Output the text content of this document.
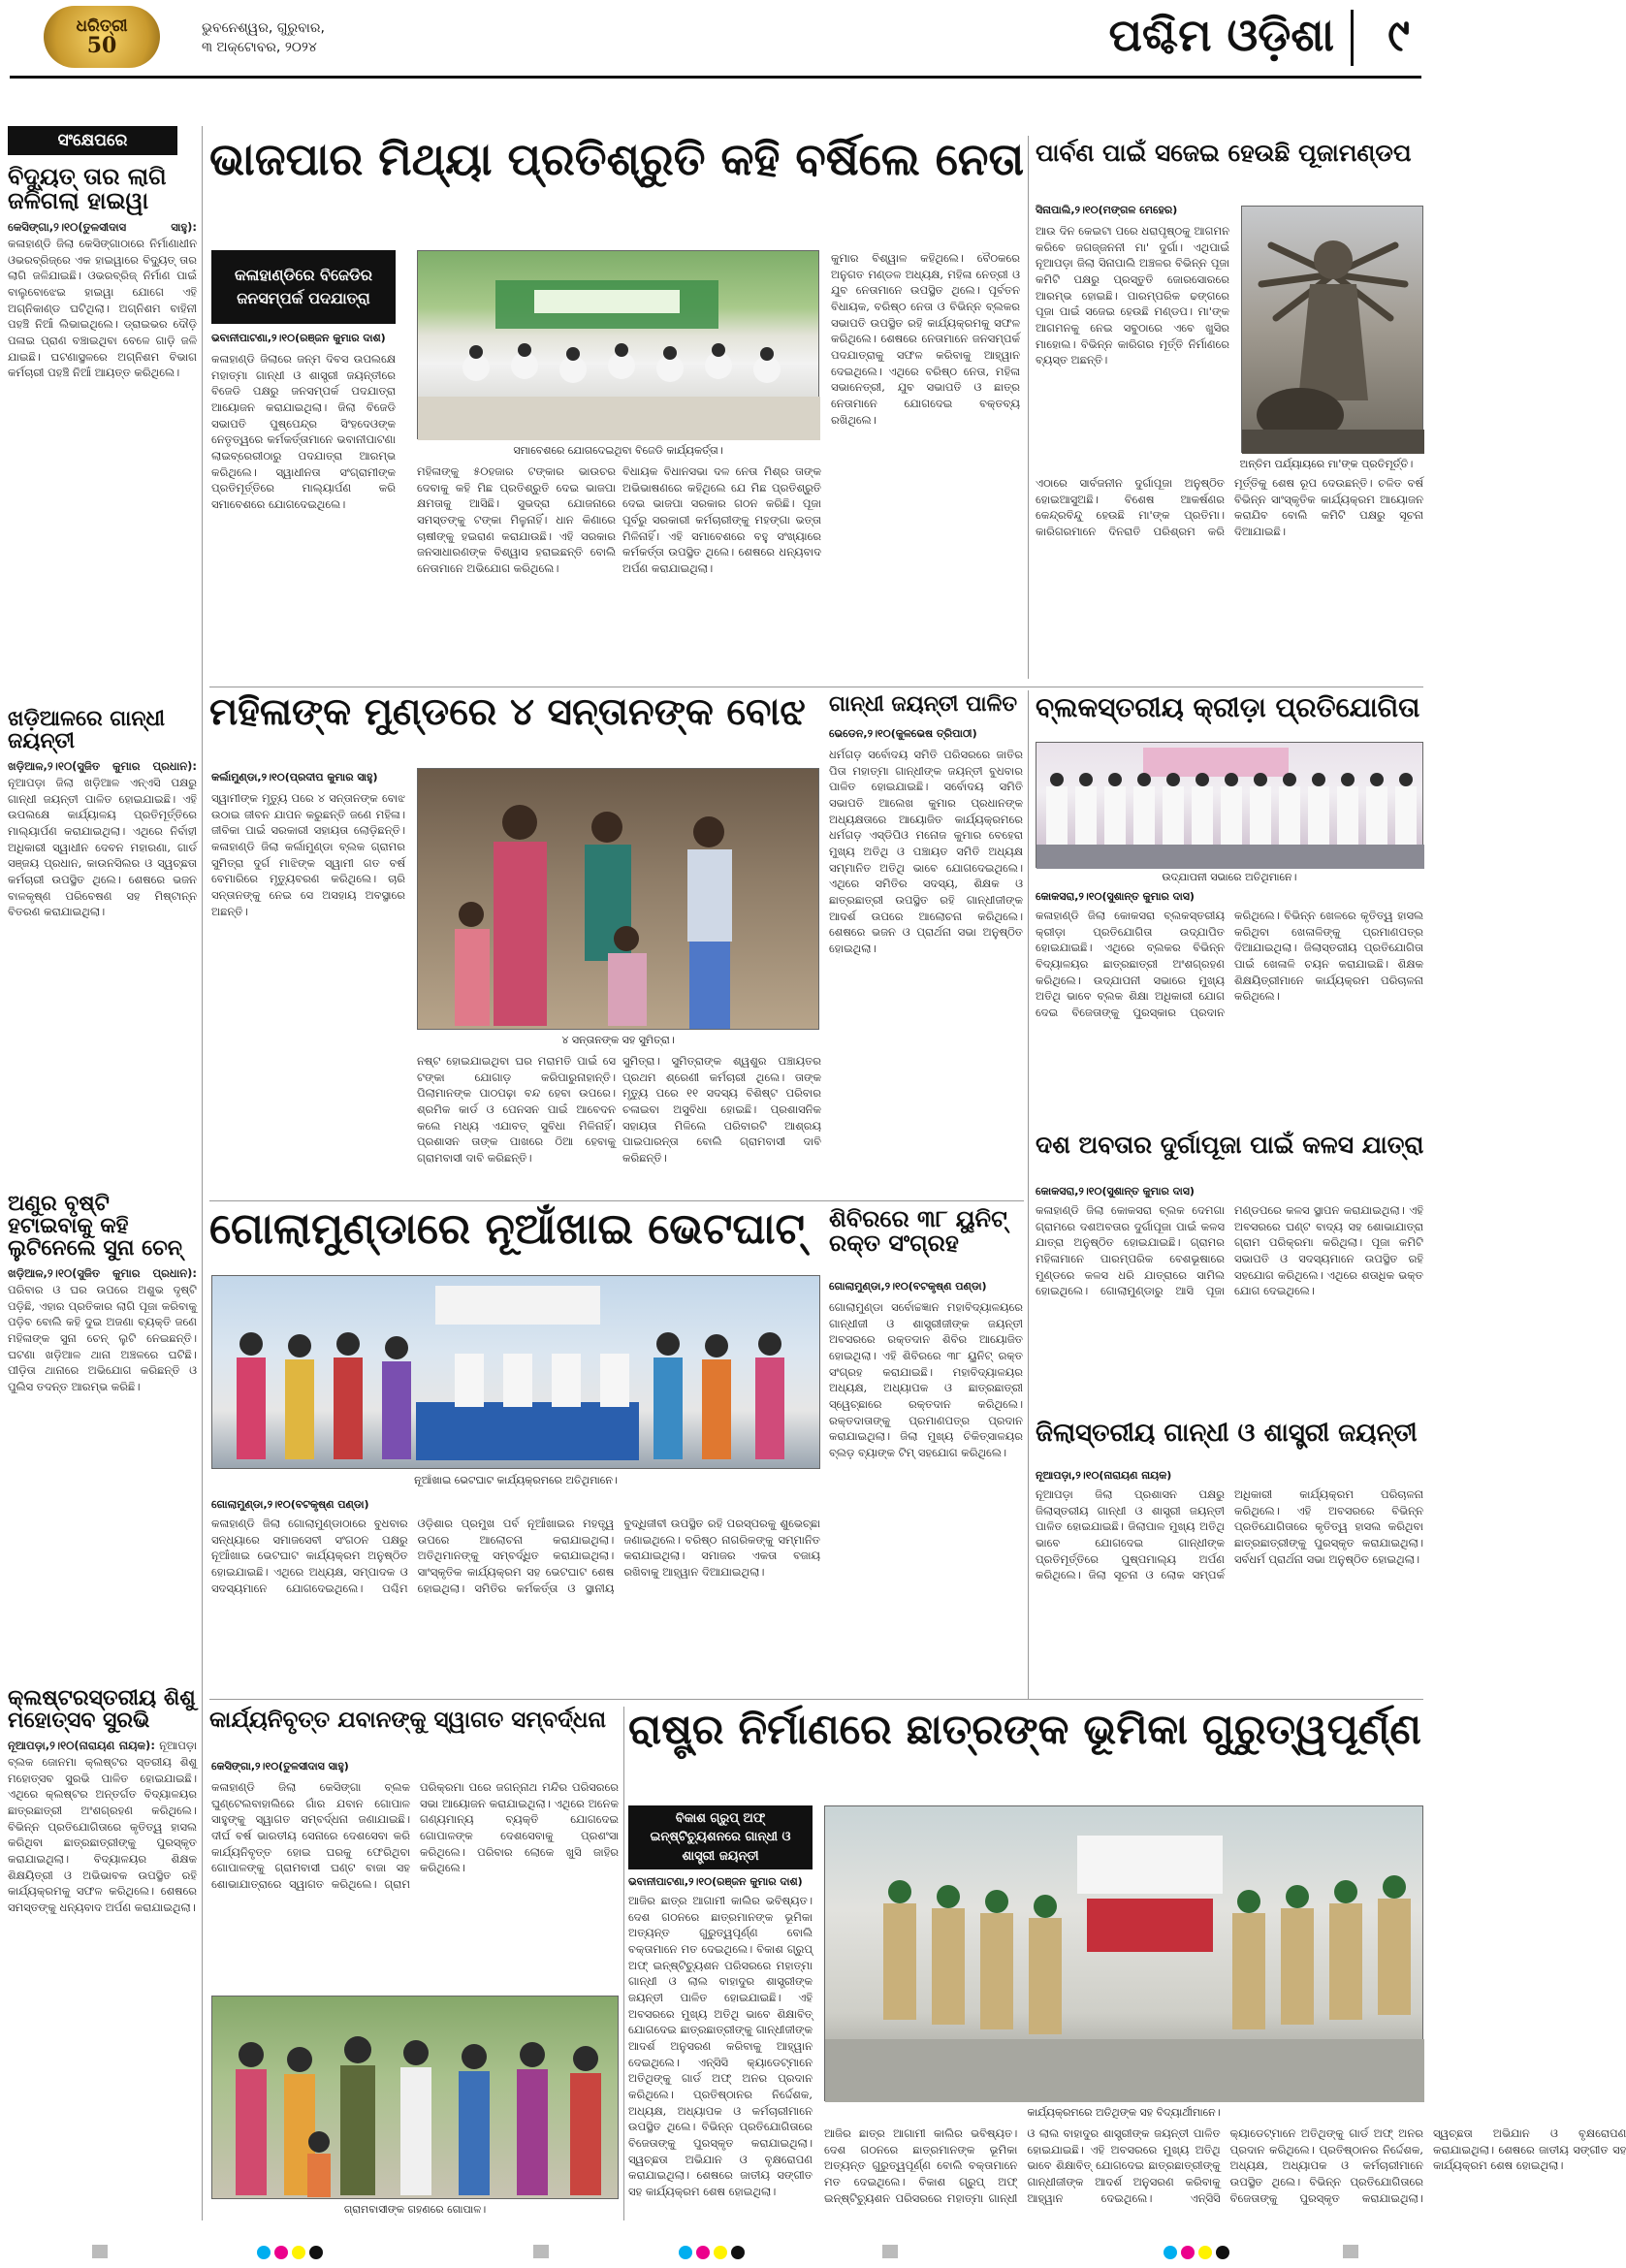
ଧରିତ୍ରୀ
50
ଭୁବନେଶ୍ୱର, ଗୁରୁବାର,
୩ ଅକ୍ଟୋବର, ୨୦୨୪	ପଶ୍ଚିମ ଓଡ଼ିଶା ୯
ସଂକ୍ଷେପରେ
ବିଦ୍ୟୁତ୍ ତାର ଲାଗି ଜଳିଗଲା ହାଇୱା
କେସିଙ୍ଗା,୨।୧୦(ତୁଳସୀଦାସ ସାହୁ): କଳାହାଣ୍ଡି ଜିଲା କେସିଙ୍ଗାଠାରେ ନିର୍ମାଣାଧୀନ ଓଭରବ୍ରିଜ୍‌ରେ ଏକ ହାଇୱାରେ ବିଦ୍ୟୁତ୍ ତାର ଲାଗି ଜଳିଯାଇଛି। ଓଭରବ୍ରିଜ୍ ନିର୍ମାଣ ପାଇଁ ବାଲୁବୋଝେଇ ହାଇୱା ଯୋଗେ ଏହି ଅଗ୍ନିକାଣ୍ଡ ଘଟିଥିଲା। ଅଗ୍ନିଶମ ବାହିନୀ ପହଞ୍ଚି ନିଆଁ ଲିଭାଇଥିଲେ। ଡ୍ରାଇଭର ଦୌଡ଼ି ପଳାଇ ପ୍ରାଣ ବଞ୍ଚାଇଥିବା ବେଳେ ଗାଡ଼ି ଜଳି ଯାଇଛି। ଘଟଣାସ୍ଥଳରେ ଅଗ୍ନିଶମ ବିଭାଗ କର୍ମଚାରୀ ପହଞ୍ଚି ନିଆଁ ଆୟତ୍ତ କରିଥିଲେ।
ଖଡ଼ିଆଳରେ ଗାନ୍ଧୀ ଜୟନ୍ତୀ
ଖଡ଼ିଆଳ,୨।୧୦(ସୁଜିତ କୁମାର ପ୍ରଧାନ): ନୂଆପଡ଼ା ଜିଲା ଖଡ଼ିଆଳ ଏନ୍‌ଏସି ପକ୍ଷରୁ ଗାନ୍ଧୀ ଜୟନ୍ତୀ ପାଳିତ ହୋଇଯାଇଛି। ଏହି ଉପଲକ୍ଷେ କାର୍ଯ୍ୟାଳୟ ପ୍ରତିମୂର୍ତ୍ତିରେ ମାଲ୍ୟାର୍ପଣ କରାଯାଇଥିଲା। ଏଥିରେ ନିର୍ବାହୀ ଅଧିକାରୀ ସ୍ୱାଧୀନ ଦେବନ ମହାରଣା, ଗାର୍ଡ ସଞ୍ଜୟ ପ୍ରଧାନ, କାଉନସିଲର ଓ ସ୍ୱଚ୍ଛତା କର୍ମଚାରୀ ଉପସ୍ଥିତ ଥିଲେ। ଶେଷରେ ଭଜନ ବାଳକୃଷ୍ଣ ପରିବେଷଣ ସହ ମିଷ୍ଟାନ୍ନ ବିତରଣ କରାଯାଇଥିଲା।
ଅଣୁର ବୃଷ୍ଟି ହଟାଇବାକୁ କହି ଲୁଟିନେଲେ ସୁନା ଚେନ୍
ଖଡ଼ିଆଳ,୨।୧୦(ସୁଜିତ କୁମାର ପ୍ରଧାନ): ପରିବାର ଓ ଘର ଉପରେ ଅଶୁଭ ଦୃଷ୍ଟି ପଡ଼ିଛି, ଏହାର ପ୍ରତିକାର ଲାଗି ପୂଜା କରିବାକୁ ପଡ଼ିବ ବୋଲି କହି ଦୁଇ ଅଜଣା ବ୍ୟକ୍ତି ଜଣେ ମହିଳାଙ୍କ ସୁନା ଚେନ୍ ଲୁଟି ନେଇଛନ୍ତି। ଘଟଣା ଖଡ଼ିଆଳ ଥାନା ଅଞ୍ଚଳରେ ଘଟିଛି। ପୀଡ଼ିତା ଥାନାରେ ଅଭିଯୋଗ କରିଛନ୍ତି ଓ ପୁଲିସ ତଦନ୍ତ ଆରମ୍ଭ କରିଛି।
କ୍ଲଷ୍ଟରସ୍ତରୀୟ ଶିଶୁ ମହୋତ୍ସବ ସୁରଭି
ନୂଆପଡ଼ା,୨।୧୦(ନାରାୟଣ ନାୟକ): ନୂଆପଡ଼ା ବ୍ଲକ ଜୋନମା କ୍ଲଷ୍ଟର ସ୍ତରୀୟ ଶିଶୁ ମହୋତ୍ସବ ସୁରଭି ପାଳିତ ହୋଇଯାଇଛି। ଏଥିରେ କ୍ଲଷ୍ଟର ଅନ୍ତର୍ଗତ ବିଦ୍ୟାଳୟର ଛାତ୍ରଛାତ୍ରୀ ଅଂଶଗ୍ରହଣ କରିଥିଲେ। ବିଭିନ୍ନ ପ୍ରତିଯୋଗିତାରେ କୃତିତ୍ୱ ହାସଲ କରିଥିବା ଛାତ୍ରଛାତ୍ରୀଙ୍କୁ ପୁରସ୍କୃତ କରାଯାଇଥିଲା। ବିଦ୍ୟାଳୟର ଶିକ୍ଷକ ଶିକ୍ଷୟିତ୍ରୀ ଓ ଅଭିଭାବକ ଉପସ୍ଥିତ ରହି କାର୍ଯ୍ୟକ୍ରମକୁ ସଫଳ କରିଥିଲେ। ଶେଷରେ ସମସ୍ତଙ୍କୁ ଧନ୍ୟବାଦ ଅର୍ପଣ କରାଯାଇଥିଲା।
ଭାଜପାର ମିଥ୍ୟା ପ୍ରତିଶ୍ରୁତି କହି ବର୍ଷିଲେ ନେତା
କଳାହାଣ୍ଡିରେ ବିଜେଡିର ଜନସମ୍ପର୍କ ପଦଯାତ୍ରା
ଭବାନୀପାଟଣା,୨।୧୦(ରଞ୍ଜନ କୁମାର ଦାଶ)
କଳାହାଣ୍ଡି ଜିଲାରେ ଜନ୍ମ ଦିବସ ଉପଲକ୍ଷେ ମହାତ୍ମା ଗାନ୍ଧୀ ଓ ଶାସ୍ତ୍ରୀ ଜୟନ୍ତୀରେ ବିଜେଡି ପକ୍ଷରୁ ଜନସମ୍ପର୍କ ପଦଯାତ୍ରା ଆୟୋଜନ କରାଯାଇଥିଲା। ଜିଲା ବିଜେଡି ସଭାପତି ପୁଷ୍ପେନ୍ଦ୍ର ସିଂହଦେଓଙ୍କ ନେତୃତ୍ୱରେ କର୍ମକର୍ତ୍ତାମାନେ ଭବାନୀପାଟଣା ଲାଇବ୍ରେରୀଠାରୁ ପଦଯାତ୍ରା ଆରମ୍ଭ କରିଥିଲେ। ସ୍ୱାଧୀନତା ସଂଗ୍ରାମୀଙ୍କ ପ୍ରତିମୂର୍ତ୍ତିରେ ମାଲ୍ୟାର୍ପଣ କରି ସମାବେଶରେ ଯୋଗଦେଇଥିଲେ।
ସମାବେଶରେ ଯୋଗଦେଇଥିବା ବିଜେଡି କାର୍ଯ୍ୟକର୍ତ୍ତା।
ମହିଳାଙ୍କୁ ୫୦ହଜାର ଟଙ୍କାର ଭାଉଚର ଦେବାକୁ କହି ମିଛ ପ୍ରତିଶ୍ରୁତି ଦେଇ ଭାଜପା କ୍ଷମତାକୁ ଆସିଛି। ସୁଭଦ୍ରା ଯୋଜନାରେ ସମସ୍ତଙ୍କୁ ଟଙ୍କା ମିଳୁନାହିଁ। ଧାନ କିଣାରେ ଚାଷୀଙ୍କୁ ହଇରାଣ କରାଯାଉଛି। ଏହି ସରକାର ଜନସାଧାରଣଙ୍କ ବିଶ୍ୱାସ ହରାଇଛନ୍ତି ବୋଲି ନେତାମାନେ ଅଭିଯୋଗ କରିଥିଲେ।
ବିଧାୟକ ବିଧାନସଭା ଦଳ ନେତା ମିଶ୍ର ତାଙ୍କ ଅଭିଭାଷଣରେ କହିଥିଲେ ଯେ ମିଛ ପ୍ରତିଶ୍ରୁତି ଦେଇ ଭାଜପା ସରକାର ଗଠନ କରିଛି। ପୂଜା ପୂର୍ବରୁ ସରକାରୀ କର୍ମଚାରୀଙ୍କୁ ମହଙ୍ଗା ଭତ୍ତା ମିଳିନାହିଁ। ଏହି ସମାବେଶରେ ବହୁ ସଂଖ୍ୟାରେ କର୍ମକର୍ତ୍ତା ଉପସ୍ଥିତ ଥିଲେ। ଶେଷରେ ଧନ୍ୟବାଦ ଅର୍ପଣ କରାଯାଇଥିଲା।
କୁମାର ବିଶ୍ୱାଳ କହିଥିଲେ। ବୈଠକରେ ଅନୁଗତ ମଣ୍ଡଳ ଅଧ୍ୟକ୍ଷ, ମହିଳା ନେତ୍ରୀ ଓ ଯୁବ ନେତାମାନେ ଉପସ୍ଥିତ ଥିଲେ। ପୂର୍ବତନ ବିଧାୟକ, ବରିଷ୍ଠ ନେତା ଓ ବିଭିନ୍ନ ବ୍ଲକର ସଭାପତି ଉପସ୍ଥିତ ରହି କାର୍ଯ୍ୟକ୍ରମକୁ ସଫଳ କରିଥିଲେ। ଶେଷରେ ନେତାମାନେ ଜନସମ୍ପର୍କ ପଦଯାତ୍ରାକୁ ସଫଳ କରିବାକୁ ଆହ୍ୱାନ ଦେଇଥିଲେ। ଏଥିରେ ବରିଷ୍ଠ ନେତା, ମହିଳା ସଭାନେତ୍ରୀ, ଯୁବ ସଭାପତି ଓ ଛାତ୍ର ନେତାମାନେ ଯୋଗଦେଇ ବକ୍ତବ୍ୟ ରଖିଥିଲେ।
ପାର୍ବଣ ପାଇଁ ସଜେଇ ହେଉଛି ପୂଜାମଣ୍ଡପ
ସିନାପାଲି,୨।୧୦(ମଙ୍ଗଳ ମେହେର)
ଆଉ ଦିନ କେଇଟା ପରେ ଧରାପୃଷ୍ଠକୁ ଆଗମନ କରିବେ ଜଗଜ୍ଜନନୀ ମା' ଦୁର୍ଗା। ଏଥିପାଇଁ ନୂଆପଡ଼ା ଜିଲା ସିନାପାଲି ଅଞ୍ଚଳର ବିଭିନ୍ନ ପୂଜା କମିଟି ପକ୍ଷରୁ ପ୍ରସ୍ତୁତି ଜୋରସୋରରେ ଆରମ୍ଭ ହୋଇଛି। ପାରମ୍ପରିକ ଢଙ୍ଗରେ ପୂଜା ପାଇଁ ସଜେଇ ହେଉଛି ମଣ୍ଡପ। ମା'ଙ୍କ ଆଗମନକୁ ନେଇ ସବୁଠାରେ ଏବେ ଖୁସିର ମାହୋଲ। ବିଭିନ୍ନ କାରିଗର ମୂର୍ତ୍ତି ନିର୍ମାଣରେ ବ୍ୟସ୍ତ ଅଛନ୍ତି।
ଅନ୍ତିମ ପର୍ଯ୍ୟାୟରେ ମା'ଙ୍କ ପ୍ରତିମୂର୍ତ୍ତି।
ଏଠାରେ ସାର୍ବଜନୀନ ଦୁର୍ଗାପୂଜା ଅନୁଷ୍ଠିତ ହୋଇଆସୁଅଛି। ବିଶେଷ ଆକର୍ଷଣର କେନ୍ଦ୍ରବିନ୍ଦୁ ହେଉଛି ମା'ଙ୍କ ପ୍ରତିମା। କାରିଗରମାନେ ଦିନରାତି ପରିଶ୍ରମ କରି ମୂର୍ତ୍ତିକୁ ଶେଷ ରୂପ ଦେଉଛନ୍ତି। ଚଳିତ ବର୍ଷ ବିଭିନ୍ନ ସାଂସ୍କୃତିକ କାର୍ଯ୍ୟକ୍ରମ ଆୟୋଜନ କରାଯିବ ବୋଲି କମିଟି ପକ୍ଷରୁ ସୂଚନା ଦିଆଯାଇଛି।
ମହିଳାଙ୍କ ମୁଣ୍ଡରେ ୪ ସନ୍ତାନଙ୍କ ବୋଝ
କର୍ଲାମୁଣ୍ଡା,୨।୧୦(ପ୍ରଦୀପ କୁମାର ସାହୁ)
ସ୍ୱାମୀଙ୍କ ମୃତ୍ୟୁ ପରେ ୪ ସନ୍ତାନଙ୍କ ବୋଝ ଉଠାଇ ଜୀବନ ଯାପନ କରୁଛନ୍ତି ଜଣେ ମହିଳା। ଜୀବିକା ପାଇଁ ସରକାରୀ ସହାୟତା ଲୋଡ଼ିଛନ୍ତି। କଳାହାଣ୍ଡି ଜିଲା କର୍ଲାମୁଣ୍ଡା ବ୍ଲକ ଗ୍ରାମର ସୁମିତ୍ରା ଦୁର୍ଗ ମାଝିଙ୍କ ସ୍ୱାମୀ ଗତ ବର୍ଷ ବେମାରିରେ ମୃତ୍ୟୁବରଣ କରିଥିଲେ। ଚାରି ସନ୍ତାନଙ୍କୁ ନେଇ ସେ ଅସହାୟ ଅବସ୍ଥାରେ ଅଛନ୍ତି।
୪ ସନ୍ତାନଙ୍କ ସହ ସୁମିତ୍ରା।
ନଷ୍ଟ ହୋଇଯାଇଥିବା ଘର ମରାମତି ପାଇଁ ସେ ଟଙ୍କା ଯୋଗାଡ଼ କରିପାରୁନାହାନ୍ତି। ପିଲାମାନଙ୍କ ପାଠପଢ଼ା ବନ୍ଦ ହେବା ଉପରେ। ଶ୍ରମିକ କାର୍ଡ ଓ ପେନସନ ପାଇଁ ଆବେଦନ କଲେ ମଧ୍ୟ ଏଯାବତ୍ ସୁବିଧା ମିଳିନାହିଁ। ପ୍ରଶାସନ ତାଙ୍କ ପାଖରେ ଠିଆ ହେବାକୁ ଗ୍ରାମବାସୀ ଦାବି କରିଛନ୍ତି।
ସୁମିତ୍ରା। ସୁମିତ୍ରାଙ୍କ ଶ୍ୱଶୁର ପଞ୍ଚାୟତର ପ୍ରଥମ ଶ୍ରେଣୀ କର୍ମଚାରୀ ଥିଲେ। ତାଙ୍କ ମୃତ୍ୟୁ ପରେ ୧୧ ସଦସ୍ୟ ବିଶିଷ୍ଟ ପରିବାର ଚଳାଇବା ଅସୁବିଧା ହୋଇଛି। ପ୍ରଶାସନିକ ସହାୟତା ମିଳିଲେ ପରିବାରଟି ଆଶ୍ରୟ ପାଇପାରନ୍ତା ବୋଲି ଗ୍ରାମବାସୀ ଦାବି କରିଛନ୍ତି।
ଗାନ୍ଧୀ ଜୟନ୍ତୀ ପାଳିତ
ଭେଡେନ,୨।୧୦(କୁଳଭେଷ ତ୍ରିପାଠୀ)
ଧର୍ମଗଡ଼ ସର୍ବୋଦୟ ସମିତି ପରିସରରେ ଜାତିର ପିତା ମହାତ୍ମା ଗାନ୍ଧୀଙ୍କ ଜୟନ୍ତୀ ବୁଧବାର ପାଳିତ ହୋଇଯାଇଛି। ସର୍ବୋଦୟ ସମିତି ସଭାପତି ଆଲେଖ କୁମାର ପ୍ରଧାନଙ୍କ ଅଧ୍ୟକ୍ଷତାରେ ଆୟୋଜିତ କାର୍ଯ୍ୟକ୍ରମରେ ଧର୍ମଗଡ଼ ଏସ୍‌ଡିପିଓ ମନୋଜ କୁମାର ବେହେରା ମୁଖ୍ୟ ଅତିଥି ଓ ପଞ୍ଚାୟତ ସମିତି ଅଧ୍ୟକ୍ଷ ସମ୍ମାନିତ ଅତିଥି ଭାବେ ଯୋଗଦେଇଥିଲେ। ଏଥିରେ ସମିତିର ସଦସ୍ୟ, ଶିକ୍ଷକ ଓ ଛାତ୍ରଛାତ୍ରୀ ଉପସ୍ଥିତ ରହି ଗାନ୍ଧୀଜୀଙ୍କ ଆଦର୍ଶ ଉପରେ ଆଲୋଚନା କରିଥିଲେ। ଶେଷରେ ଭଜନ ଓ ପ୍ରାର୍ଥନା ସଭା ଅନୁଷ୍ଠିତ ହୋଇଥିଲା।
ବ୍ଲକସ୍ତରୀୟ କ୍ରୀଡ଼ା ପ୍ରତିଯୋଗିତା
ଉଦ୍‌ଯାପନୀ ସଭାରେ ଅତିଥିମାନେ।
କୋକସରା,୨।୧୦(ସୁଶାନ୍ତ କୁମାର ଦାସ)
କଳାହାଣ୍ଡି ଜିଲା କୋକସରା ବ୍ଲକସ୍ତରୀୟ କ୍ରୀଡ଼ା ପ୍ରତିଯୋଗିତା ଉଦ୍‌ଯାପିତ ହୋଇଯାଇଛି। ଏଥିରେ ବ୍ଲକର ବିଭିନ୍ନ ବିଦ୍ୟାଳୟର ଛାତ୍ରଛାତ୍ରୀ ଅଂଶଗ୍ରହଣ କରିଥିଲେ। ଉଦ୍‌ଯାପନୀ ସଭାରେ ମୁଖ୍ୟ ଅତିଥି ଭାବେ ବ୍ଲକ ଶିକ୍ଷା ଅଧିକାରୀ ଯୋଗ ଦେଇ ବିଜେତାଙ୍କୁ ପୁରସ୍କାର ପ୍ରଦାନ କରିଥିଲେ। ବିଭିନ୍ନ ଖେଳରେ କୃତିତ୍ୱ ହାସଲ କରିଥିବା ଖେଳାଳିଙ୍କୁ ପ୍ରମାଣପତ୍ର ଦିଆଯାଇଥିଲା। ଜିଲାସ୍ତରୀୟ ପ୍ରତିଯୋଗିତା ପାଇଁ ଖେଳାଳି ଚୟନ କରାଯାଇଛି। ଶିକ୍ଷକ ଶିକ୍ଷୟିତ୍ରୀମାନେ କାର୍ଯ୍ୟକ୍ରମ ପରିଚାଳନା କରିଥିଲେ।
ଦଶ ଅବତାର ଦୁର୍ଗାପୂଜା ପାଇଁ କଳସ ଯାତ୍ରା
କୋକସରା,୨।୧୦(ସୁଶାନ୍ତ କୁମାର ଦାସ)
କଳାହାଣ୍ଡି ଜିଲା କୋକସରା ବ୍ଲକ ଦେମଗା ଗ୍ରାମରେ ଦଶଅବତାର ଦୁର୍ଗାପୂଜା ପାଇଁ କଳସ ଯାତ୍ରା ଅନୁଷ୍ଠିତ ହୋଇଯାଇଛି। ଗ୍ରାମର ମହିଳାମାନେ ପାରମ୍ପରିକ ବେଶଭୂଷାରେ ମୁଣ୍ଡରେ କଳସ ଧରି ଯାତ୍ରାରେ ସାମିଲ ହୋଇଥିଲେ। ଗୋଲାମୁଣ୍ଡାରୁ ଆସି ପୂଜା ମଣ୍ଡପରେ କଳସ ସ୍ଥାପନ କରାଯାଇଥିଲା। ଏହି ଅବସରରେ ଘଣ୍ଟ ବାଦ୍ୟ ସହ ଶୋଭାଯାତ୍ରା ଗ୍ରାମ ପରିକ୍ରମା କରିଥିଲା। ପୂଜା କମିଟି ସଭାପତି ଓ ସଦସ୍ୟମାନେ ଉପସ୍ଥିତ ରହି ସହଯୋଗ କରିଥିଲେ। ଏଥିରେ ଶତାଧିକ ଭକ୍ତ ଯୋଗ ଦେଇଥିଲେ।
ଗୋଲାମୁଣ୍ଡାରେ ନୂଆଁଖାଇ ଭେଟଘାଟ୍
ନୂଆଁଖାଇ ଭେଟଘାଟ କାର୍ଯ୍ୟକ୍ରମରେ ଅତିଥିମାନେ।
ଗୋଲାମୁଣ୍ଡା,୨।୧୦(ବଟକୃଷ୍ଣ ପଣ୍ଡା)
କଳାହାଣ୍ଡି ଜିଲା ଗୋଲାମୁଣ୍ଡାଠାରେ ବୁଧବାର ସନ୍ଧ୍ୟାରେ ସମାଜସେବୀ ସଂଗଠନ ପକ୍ଷରୁ ନୂଆଁଖାଇ ଭେଟଘାଟ କାର୍ଯ୍ୟକ୍ରମ ଅନୁଷ୍ଠିତ ହୋଇଯାଇଛି। ଏଥିରେ ଅଧ୍ୟକ୍ଷ, ସମ୍ପାଦକ ଓ ସଦସ୍ୟମାନେ ଯୋଗଦେଇଥିଲେ। ପଶ୍ଚିମ ଓଡ଼ିଶାର ପ୍ରମୁଖ ପର୍ବ ନୂଆଁଖାଇର ମହତ୍ତ୍ୱ ଉପରେ ଆଲୋଚନା କରାଯାଇଥିଲା। ଅତିଥିମାନଙ୍କୁ ସମ୍ବର୍ଦ୍ଧିତ କରାଯାଇଥିଲା। ସାଂସ୍କୃତିକ କାର୍ଯ୍ୟକ୍ରମ ସହ ଭେଟଘାଟ ଶେଷ ହୋଇଥିଲା। ସମିତିର କର୍ମକର୍ତ୍ତା ଓ ସ୍ଥାନୀୟ ବୁଦ୍ଧିଜୀବୀ ଉପସ୍ଥିତ ରହି ପରସ୍ପରକୁ ଶୁଭେଚ୍ଛା ଜଣାଇଥିଲେ। ବରିଷ୍ଠ ନାଗରିକଙ୍କୁ ସମ୍ମାନିତ କରାଯାଇଥିଲା। ସମାଜର ଏକତା ବଜାୟ ରଖିବାକୁ ଆହ୍ୱାନ ଦିଆଯାଇଥିଲା।
ଶିବିରରେ ୩୮ ୟୁନିଟ୍ ରକ୍ତ ସଂଗ୍ରହ
ଗୋଲାମୁଣ୍ଡା,୨।୧୦(ବଟକୃଷ୍ଣ ପଣ୍ଡା)
ଗୋଲାମୁଣ୍ଡା ସର୍ବୋଚ୍ଚଜ୍ଞାନ ମହାବିଦ୍ୟାଳୟରେ ଗାନ୍ଧୀଜୀ ଓ ଶାସ୍ତ୍ରୀଜୀଙ୍କ ଜୟନ୍ତୀ ଅବସରରେ ରକ୍ତଦାନ ଶିବିର ଆୟୋଜିତ ହୋଇଥିଲା। ଏହି ଶିବିରରେ ୩୮ ୟୁନିଟ୍ ରକ୍ତ ସଂଗ୍ରହ କରାଯାଇଛି। ମହାବିଦ୍ୟାଳୟର ଅଧ୍ୟକ୍ଷ, ଅଧ୍ୟାପକ ଓ ଛାତ୍ରଛାତ୍ରୀ ସ୍ୱେଚ୍ଛାରେ ରକ୍ତଦାନ କରିଥିଲେ। ରକ୍ତଦାତାଙ୍କୁ ପ୍ରମାଣପତ୍ର ପ୍ରଦାନ କରାଯାଇଥିଲା। ଜିଲା ମୁଖ୍ୟ ଚିକିତ୍ସାଳୟର ବ୍ଲଡ଼ ବ୍ୟାଙ୍କ ଟିମ୍ ସହଯୋଗ କରିଥିଲେ।
ଜିଲାସ୍ତରୀୟ ଗାନ୍ଧୀ ଓ ଶାସ୍ତ୍ରୀ ଜୟନ୍ତୀ
ନୂଆପଡ଼ା,୨।୧୦(ନାରାୟଣ ନାୟକ)
ନୂଆପଡ଼ା ଜିଲା ପ୍ରଶାସନ ପକ୍ଷରୁ ଜିଲାସ୍ତରୀୟ ଗାନ୍ଧୀ ଓ ଶାସ୍ତ୍ରୀ ଜୟନ୍ତୀ ପାଳିତ ହୋଇଯାଇଛି। ଜିଲାପାଳ ମୁଖ୍ୟ ଅତିଥି ଭାବେ ଯୋଗଦେଇ ଗାନ୍ଧୀଙ୍କ ପ୍ରତିମୂର୍ତ୍ତିରେ ପୁଷ୍ପମାଲ୍ୟ ଅର୍ପଣ କରିଥିଲେ। ଜିଲା ସୂଚନା ଓ ଲୋକ ସମ୍ପର୍କ ଅଧିକାରୀ କାର୍ଯ୍ୟକ୍ରମ ପରିଚାଳନା କରିଥିଲେ। ଏହି ଅବସରରେ ବିଭିନ୍ନ ପ୍ରତିଯୋଗିତାରେ କୃତିତ୍ୱ ହାସଲ କରିଥିବା ଛାତ୍ରଛାତ୍ରୀଙ୍କୁ ପୁରସ୍କୃତ କରାଯାଇଥିଲା। ସର୍ବଧର୍ମ ପ୍ରାର୍ଥନା ସଭା ଅନୁଷ୍ଠିତ ହୋଇଥିଲା।
କାର୍ଯ୍ୟନିବୃତ୍ତ ଯବାନଙ୍କୁ ସ୍ୱାଗତ ସମ୍ବର୍ଦ୍ଧନା
କେସିଙ୍ଗା,୨।୧୦(ତୁଳସୀଦାସ ସାହୁ)
କଳାହାଣ୍ଡି ଜିଲା କେସିଙ୍ଗା ବ୍ଲକ ଘୁଣ୍ଟେଲବାହାଲିରେ ଗାଁର ଯବାନ ଗୋପାଳ ସାହୁଙ୍କୁ ସ୍ୱାଗତ ସମ୍ବର୍ଦ୍ଧନା ଜଣାଯାଇଛି। ଦୀର୍ଘ ବର୍ଷ ଭାରତୀୟ ସେନାରେ ଦେଶସେବା କରି କାର୍ଯ୍ୟନିବୃତ୍ତ ହୋଇ ଘରକୁ ଫେରିଥିବା ଗୋପାଳଙ୍କୁ ଗ୍ରାମବାସୀ ଘଣ୍ଟ ବାଜା ସହ ଶୋଭାଯାତ୍ରାରେ ସ୍ୱାଗତ କରିଥିଲେ। ଗ୍ରାମ ପରିକ୍ରମା ପରେ ଜଗନ୍ନାଥ ମନ୍ଦିର ପରିସରରେ ସଭା ଆୟୋଜନ କରାଯାଇଥିଲା। ଏଥିରେ ଅନେକ ଗଣ୍ୟମାନ୍ୟ ବ୍ୟକ୍ତି ଯୋଗଦେଇ ଗୋପାଳଙ୍କ ଦେଶସେବାକୁ ପ୍ରଶଂସା କରିଥିଲେ। ପରିବାର ଲୋକେ ଖୁସି ଜାହିର କରିଥିଲେ।
ଗ୍ରାମବାସୀଙ୍କ ଗହଣରେ ଗୋପାଳ।
ରାଷ୍ଟ୍ର ନିର୍ମାଣରେ ଛାତ୍ରଙ୍କ ଭୂମିକା ଗୁରୁତ୍ୱପୂର୍ଣ୍ଣ
ବିକାଶ ଗ୍ରୁପ୍ ଅଫ୍ ଇନ୍‌ଷ୍ଟିଚ୍ୟୁଶନରେ ଗାନ୍ଧୀ ଓ ଶାସ୍ତ୍ରୀ ଜୟନ୍ତୀ
ଭବାନୀପାଟଣା,୨।୧୦(ରଞ୍ଜନ କୁମାର ଦାଶ)
ଆଜିର ଛାତ୍ର ଆଗାମୀ କାଲିର ଭବିଷ୍ୟତ। ଦେଶ ଗଠନରେ ଛାତ୍ରମାନଙ୍କ ଭୂମିକା ଅତ୍ୟନ୍ତ ଗୁରୁତ୍ୱପୂର୍ଣ୍ଣ ବୋଲି ବକ୍ତାମାନେ ମତ ଦେଇଥିଲେ। ବିକାଶ ଗ୍ରୁପ୍ ଅଫ୍ ଇନ୍‌ଷ୍ଟିଚ୍ୟୁଶନ ପରିସରରେ ମହାତ୍ମା ଗାନ୍ଧୀ ଓ ଲାଲ ବାହାଦୁର ଶାସ୍ତ୍ରୀଙ୍କ ଜୟନ୍ତୀ ପାଳିତ ହୋଇଯାଇଛି। ଏହି ଅବସରରେ ମୁଖ୍ୟ ଅତିଥି ଭାବେ ଶିକ୍ଷାବିତ୍ ଯୋଗଦେଇ ଛାତ୍ରଛାତ୍ରୀଙ୍କୁ ଗାନ୍ଧୀଜୀଙ୍କ ଆଦର୍ଶ ଅନୁସରଣ କରିବାକୁ ଆହ୍ୱାନ ଦେଇଥିଲେ। ଏନ୍‌ସିସି କ୍ୟାଡେଟ୍‌ମାନେ ଅତିଥିଙ୍କୁ ଗାର୍ଡ ଅଫ୍ ଅନର ପ୍ରଦାନ କରିଥିଲେ। ପ୍ରତିଷ୍ଠାନର ନିର୍ଦ୍ଦେଶକ, ଅଧ୍ୟକ୍ଷ, ଅଧ୍ୟାପକ ଓ କର୍ମଚାରୀମାନେ ଉପସ୍ଥିତ ଥିଲେ। ବିଭିନ୍ନ ପ୍ରତିଯୋଗିତାରେ ବିଜେତାଙ୍କୁ ପୁରସ୍କୃତ କରାଯାଇଥିଲା। ସ୍ୱଚ୍ଛତା ଅଭିଯାନ ଓ ବୃକ୍ଷରୋପଣ କରାଯାଇଥିଲା। ଶେଷରେ ଜାତୀୟ ସଙ୍ଗୀତ ସହ କାର୍ଯ୍ୟକ୍ରମ ଶେଷ ହୋଇଥିଲା।
କାର୍ଯ୍ୟକ୍ରମରେ ଅତିଥିଙ୍କ ସହ ବିଦ୍ୟାର୍ଥୀମାନେ।
ଆଜିର ଛାତ୍ର ଆଗାମୀ କାଲିର ଭବିଷ୍ୟତ। ଦେଶ ଗଠନରେ ଛାତ୍ରମାନଙ୍କ ଭୂମିକା ଅତ୍ୟନ୍ତ ଗୁରୁତ୍ୱପୂର୍ଣ୍ଣ ବୋଲି ବକ୍ତାମାନେ ମତ ଦେଇଥିଲେ। ବିକାଶ ଗ୍ରୁପ୍ ଅଫ୍ ଇନ୍‌ଷ୍ଟିଚ୍ୟୁଶନ ପରିସରରେ ମହାତ୍ମା ଗାନ୍ଧୀ ଓ ଲାଲ ବାହାଦୁର ଶାସ୍ତ୍ରୀଙ୍କ ଜୟନ୍ତୀ ପାଳିତ ହୋଇଯାଇଛି। ଏହି ଅବସରରେ ମୁଖ୍ୟ ଅତିଥି ଭାବେ ଶିକ୍ଷାବିତ୍ ଯୋଗଦେଇ ଛାତ୍ରଛାତ୍ରୀଙ୍କୁ ଗାନ୍ଧୀଜୀଙ୍କ ଆଦର୍ଶ ଅନୁସରଣ କରିବାକୁ ଆହ୍ୱାନ ଦେଇଥିଲେ। ଏନ୍‌ସିସି କ୍ୟାଡେଟ୍‌ମାନେ ଅତିଥିଙ୍କୁ ଗାର୍ଡ ଅଫ୍ ଅନର ପ୍ରଦାନ କରିଥିଲେ। ପ୍ରତିଷ୍ଠାନର ନିର୍ଦ୍ଦେଶକ, ଅଧ୍ୟକ୍ଷ, ଅଧ୍ୟାପକ ଓ କର୍ମଚାରୀମାନେ ଉପସ୍ଥିତ ଥିଲେ। ବିଭିନ୍ନ ପ୍ରତିଯୋଗିତାରେ ବିଜେତାଙ୍କୁ ପୁରସ୍କୃତ କରାଯାଇଥିଲା। ସ୍ୱଚ୍ଛତା ଅଭିଯାନ ଓ ବୃକ୍ଷରୋପଣ କରାଯାଇଥିଲା। ଶେଷରେ ଜାତୀୟ ସଙ୍ଗୀତ ସହ କାର୍ଯ୍ୟକ୍ରମ ଶେଷ ହୋଇଥିଲା।
